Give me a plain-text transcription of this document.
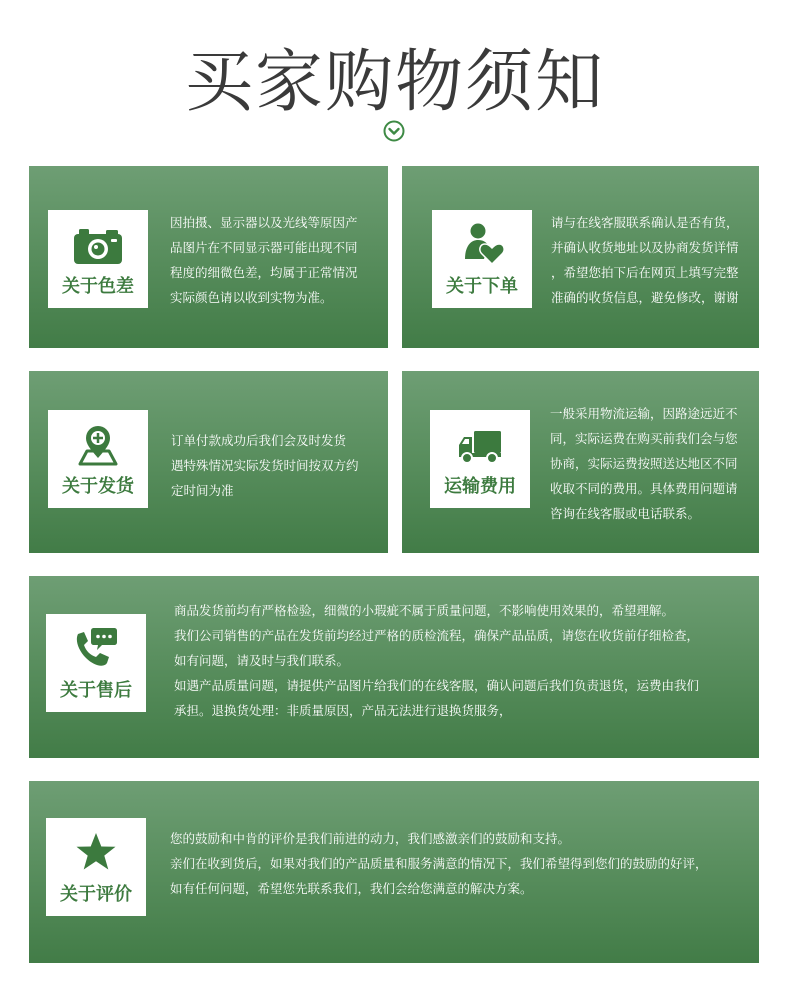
买家购物须知
关于色差

因拍摄、显示器以及光线等原因产

品图片在不同显示器可能出现不同

程度的细微色差，均属于正常情况

实际颜色请以收到实物为准。

关于下单

请与在线客服联系确认是否有货，

并确认收货地址以及协商发货详情

，希望您拍下后在网页上填写完整

准确的收货信息，避免修改，谢谢

关于发货

订单付款成功后我们会及时发货

遇特殊情况实际发货时间按双方约

定时间为准	运输费用

一般采用物流运输，因路途远近不

同，实际运费在购买前我们会与您

协商，实际运费按照送达地区不同

收取不同的费用。具体费用问题请

咨询在线客服或电话联系。

关于售后

商品发货前均有严格检验，细微的小瑕疵不属于质量问题，不影响使用效果的，希望理解。

我们公司销售的产品在发货前均经过严格的质检流程，确保产品品质，请您在收货前仔细检查，

如有问题，请及时与我们联系。

如遇产品质量问题，请提供产品图片给我们的在线客服，确认问题后我们负责退货，运费由我们

承担。退换货处理：非质量原因，产品无法进行退换货服务，

关于评价

您的鼓励和中肯的评价是我们前进的动力，我们感激亲们的鼓励和支持。

亲们在收到货后，如果对我们的产品质量和服务满意的情况下，我们希望得到您们的鼓励的好评，

如有任何问题，希望您先联系我们，我们会给您满意的解决方案。
